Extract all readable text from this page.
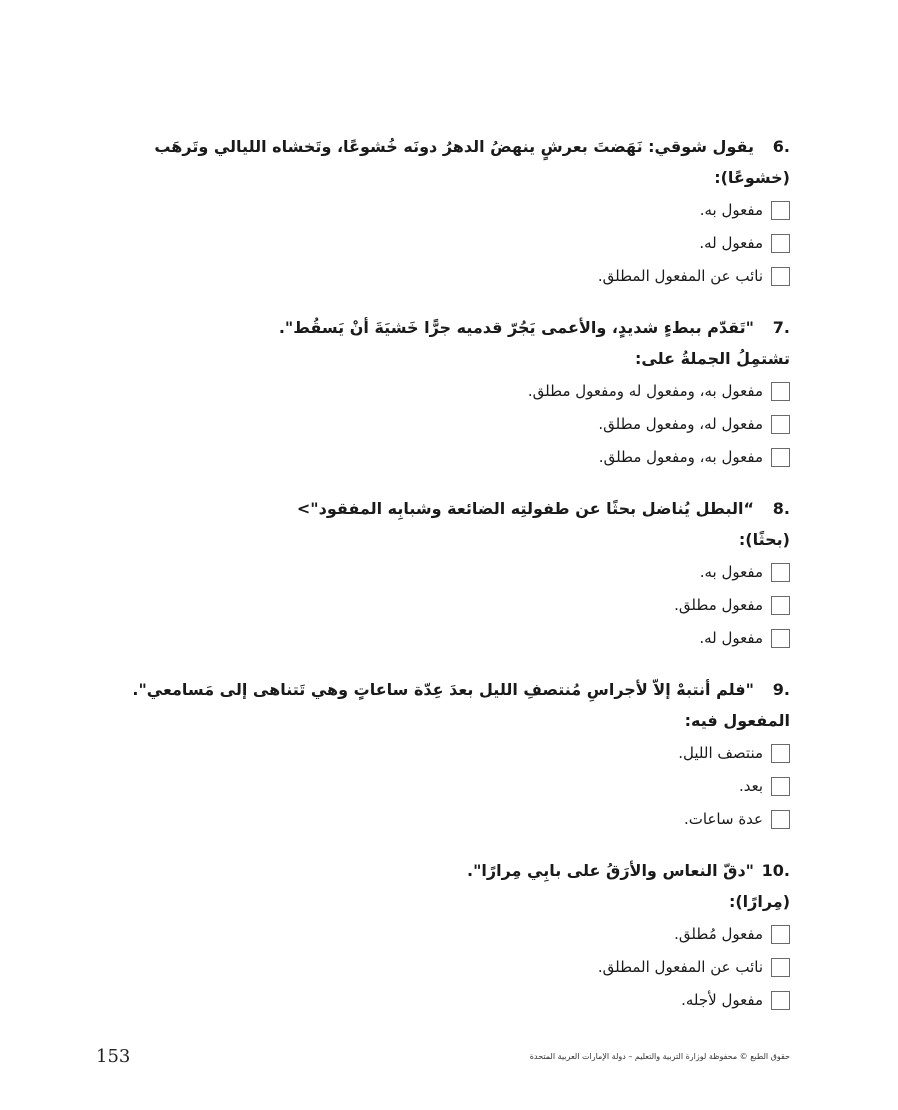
6.يقول شوقي: نَهَضتَ بعرشٍ ينهضُ الدهرُ دونَه خُشوعًا، وتَخشاه الليالي وتَرهَب
(خشوعًا):
مفعول به.
مفعول له.
نائب عن المفعول المطلق.
7."تَقدّم ببطءٍ شديدٍ، والأعمى يَجُرّ قدميه جرًّا خَشيَةَ أنْ يَسقُط".
تشتمِلُ الجملةُ على:
مفعول به، ومفعول له ومفعول مطلق.
مفعول له، ومفعول مطلق.
مفعول به، ومفعول مطلق.
8.“البطل يُناضل بحثًا عن طفولتِه الضائعة وشبابِه المفقود">
(بحثًا):
مفعول به.
مفعول مطلق.
مفعول له.
9."فلم أنتبهْ إلاّ لأجراسِ مُنتصفِ الليل بعدَ عِدّة ساعاتٍ وهي تَتناهى إلى مَسامعي".
المفعول فيه:
منتصف الليل.
بعد.
عدة ساعات.
10."دقّ النعاس والأرَقُ على بابِي مِرارًا".
(مِرارًا):
مفعول مُطلق.
نائب عن المفعول المطلق.
مفعول لأجله.
153	حقوق الطبع © محفوظة لوزارة التربية والتعليم – دولة الإمارات العربية المتحدة
